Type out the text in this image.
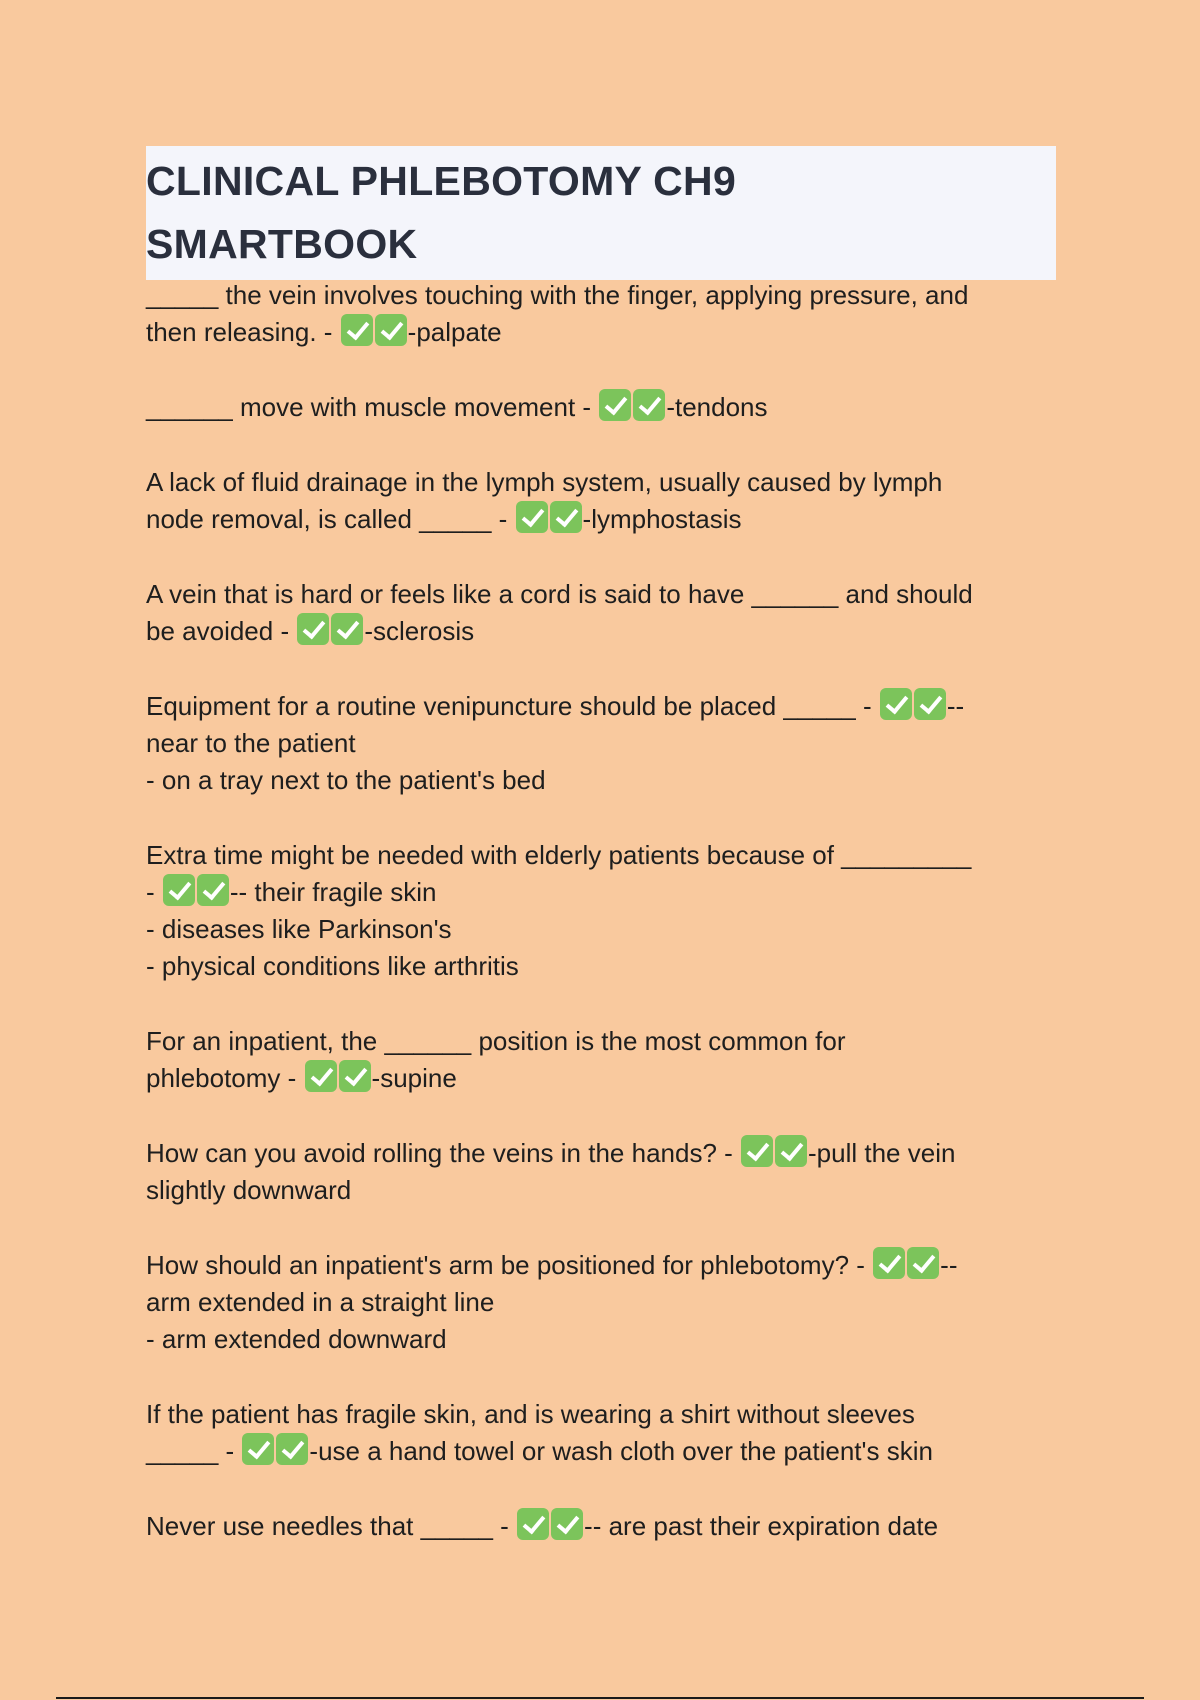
CLINICAL PHLEBOTOMY CH9
SMARTBOOK
_____ the vein involves touching with the finger, applying pressure, and
then releasing. -	-palpate
______ move with muscle movement -	-tendons
A lack of fluid drainage in the lymph system, usually caused by lymph
node removal, is called _____ -	-lymphostasis
A vein that is hard or feels like a cord is said to have ______ and should
be avoided -	-sclerosis
Equipment for a routine venipuncture should be placed _____ -	--
near to the patient
- on a tray next to the patient's bed
Extra time might be needed with elderly patients because of _________
-	-- their fragile skin
- diseases like Parkinson's
- physical conditions like arthritis
For an inpatient, the ______ position is the most common for
phlebotomy -	-supine
How can you avoid rolling the veins in the hands? -	-pull the vein
slightly downward
How should an inpatient's arm be positioned for phlebotomy? -	--
arm extended in a straight line
- arm extended downward
If the patient has fragile skin, and is wearing a shirt without sleeves
_____ -	-use a hand towel or wash cloth over the patient's skin
Never use needles that _____ -	-- are past their expiration date
